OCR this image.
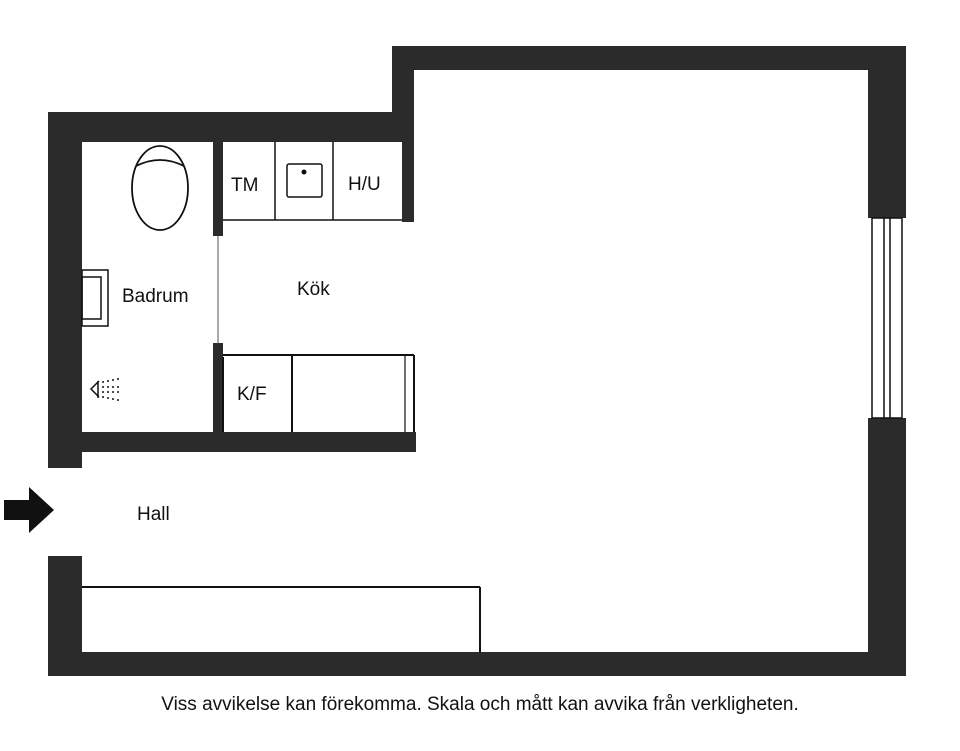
TM	H/U
Badrum	Kök
K/F
Hall
Viss avvikelse kan förekomma. Skala och mått kan avvika från verkligheten.
